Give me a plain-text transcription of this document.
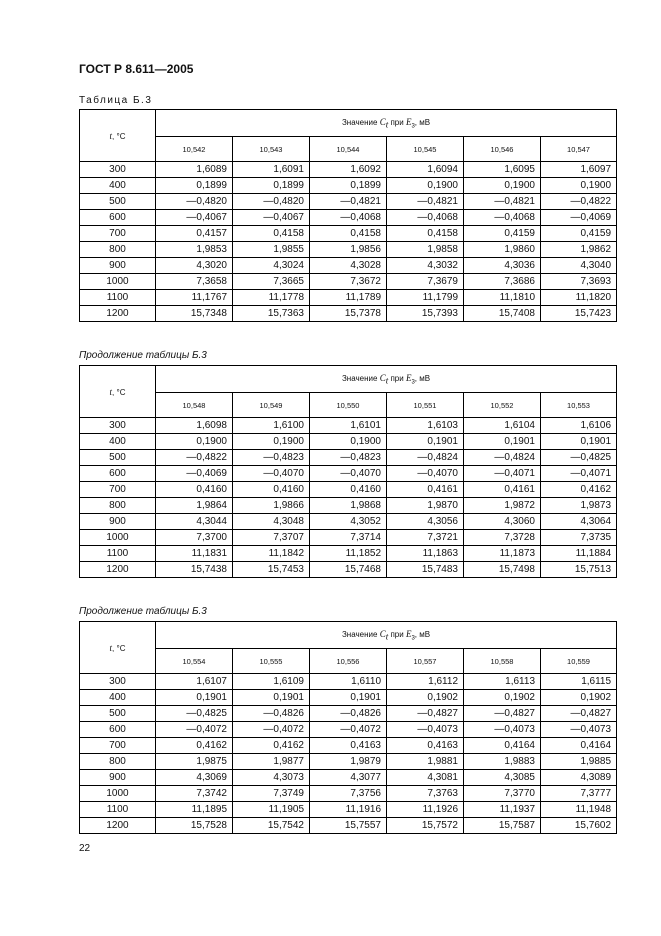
ГОСТ Р 8.611—2005
Таблица Б.3
t, °C	Значение $C_t$ при $E_3$, мВ					
	10,542	10,543	10,544	10,545	10,546	10,547
300	1,6089	1,6091	1,6092	1,6094	1,6095	1,6097
400	0,1899	0,1899	0,1899	0,1900	0,1900	0,1900
500	—0,4820	—0,4820	—0,4821	—0,4821	—0,4821	—0,4822
600	—0,4067	—0,4067	—0,4068	—0,4068	—0,4068	—0,4069
700	0,4157	0,4158	0,4158	0,4158	0,4159	0,4159
800	1,9853	1,9855	1,9856	1,9858	1,9860	1,9862
900	4,3020	4,3024	4,3028	4,3032	4,3036	4,3040
1000	7,3658	7,3665	7,3672	7,3679	7,3686	7,3693
1100	11,1767	11,1778	11,1789	11,1799	11,1810	11,1820
1200	15,7348	15,7363	15,7378	15,7393	15,7408	15,7423
Продолжение таблицы Б.3
t, °C	Значение $C_t$ при $E_3$, мВ					
	10,548	10,549	10,550	10,551	10,552	10,553
300	1,6098	1,6100	1,6101	1,6103	1,6104	1,6106
400	0,1900	0,1900	0,1900	0,1901	0,1901	0,1901
500	—0,4822	—0,4823	—0,4823	—0,4824	—0,4824	—0,4825
600	—0,4069	—0,4070	—0,4070	—0,4070	—0,4071	—0,4071
700	0,4160	0,4160	0,4160	0,4161	0,4161	0,4162
800	1,9864	1,9866	1,9868	1,9870	1,9872	1,9873
900	4,3044	4,3048	4,3052	4,3056	4,3060	4,3064
1000	7,3700	7,3707	7,3714	7,3721	7,3728	7,3735
1100	11,1831	11,1842	11,1852	11,1863	11,1873	11,1884
1200	15,7438	15,7453	15,7468	15,7483	15,7498	15,7513
Продолжение таблицы Б.3
t, °C	Значение $C_t$ при $E_3$, мВ					
	10,554	10,555	10,556	10,557	10,558	10,559
300	1,6107	1,6109	1,6110	1,6112	1,6113	1,6115
400	0,1901	0,1901	0,1901	0,1902	0,1902	0,1902
500	—0,4825	—0,4826	—0,4826	—0,4827	—0,4827	—0,4827
600	—0,4072	—0,4072	—0,4072	—0,4073	—0,4073	—0,4073
700	0,4162	0,4162	0,4163	0,4163	0,4164	0,4164
800	1,9875	1,9877	1,9879	1,9881	1,9883	1,9885
900	4,3069	4,3073	4,3077	4,3081	4,3085	4,3089
1000	7,3742	7,3749	7,3756	7,3763	7,3770	7,3777
1100	11,1895	11,1905	11,1916	11,1926	11,1937	11,1948
1200	15,7528	15,7542	15,7557	15,7572	15,7587	15,7602
22
